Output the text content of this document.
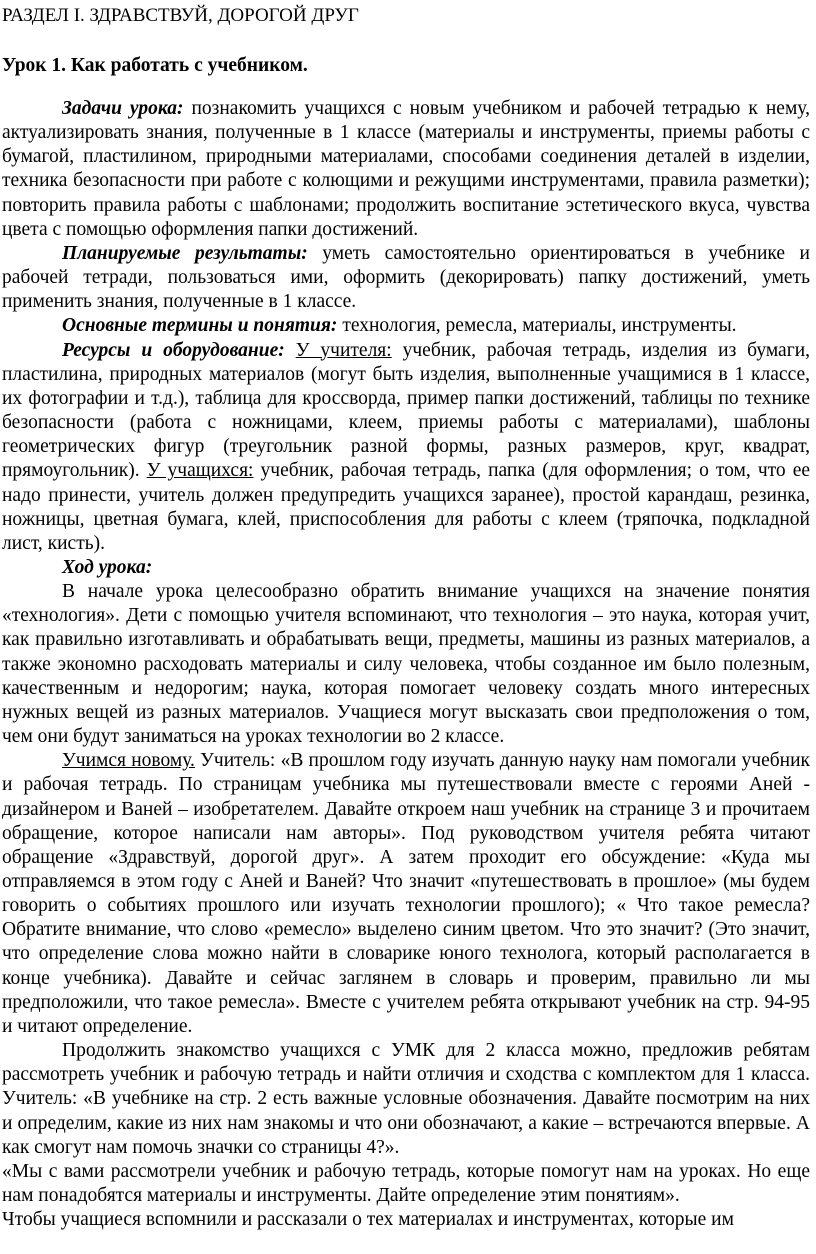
РАЗДЕЛ I. ЗДРАВСТВУЙ, ДОРОГОЙ ДРУГ
Урок 1. Как работать с учебником.

Задачи урока: познакомить учащихся с новым учебником и рабочей тетрадью к нему, актуализировать знания, полученные в 1 классе (материалы и инструменты, приемы работы с бумагой, пластилином, природными материалами, способами соединения деталей в изделии, техника безопасности при работе с колющими и режущими инструментами, правила разметки); повторить правила работы с шаблонами; продолжить воспитание эстетического вкуса, чувства цвета с помощью оформления папки достижений.

Планируемые результаты: уметь самостоятельно ориентироваться в учебнике и рабочей тетради, пользоваться ими, оформить (декорировать) папку достижений, уметь применить знания, полученные в 1 классе.

Основные термины и понятия: технология, ремесла, материалы, инструменты.

Ресурсы и оборудование: У учителя: учебник, рабочая тетрадь, изделия из бумаги, пластилина, природных материалов (могут быть изделия, выполненные учащимися в 1 классе, их фотографии и т.д.), таблица для кроссворда, пример папки достижений, таблицы по технике безопасности (работа с ножницами, клеем, приемы работы с материалами), шаблоны геометрических фигур (треугольник разной формы, разных размеров, круг, квадрат, прямоугольник). У учащихся: учебник, рабочая тетрадь, папка (для оформления; о том, что ее надо принести, учитель должен предупредить учащихся заранее), простой карандаш, резинка, ножницы, цветная бумага, клей, приспособления для работы с клеем (тряпочка, подкладной лист, кисть).

Ход урока:

В начале урока целесообразно обратить внимание учащихся на значение понятия «технология». Дети с помощью учителя вспоминают, что технология – это наука, которая учит, как правильно изготавливать и обрабатывать вещи, предметы, машины из разных материалов, а также экономно расходовать материалы и силу человека, чтобы созданное им было полезным, качественным и недорогим; наука, которая помогает человеку создать много интересных нужных вещей из разных материалов. Учащиеся могут высказать свои предположения о том, чем они будут заниматься на уроках технологии во 2 классе.

Учимся новому. Учитель: «В прошлом году изучать данную науку нам помогали учебник и рабочая тетрадь. По страницам учебника мы путешествовали вместе с героями Аней - дизайнером и Ваней – изобретателем. Давайте откроем наш учебник на странице 3 и прочитаем обращение, которое написали нам авторы». Под руководством учителя ребята читают обращение «Здравствуй, дорогой друг». А затем проходит его обсуждение: «Куда мы отправляемся в этом году с Аней и Ваней? Что значит «путешествовать в прошлое» (мы будем говорить о событиях прошлого или изучать технологии прошлого); « Что такое ремесла? Обратите внимание, что слово «ремесло» выделено синим цветом. Что это значит? (Это значит, что определение слова можно найти в словарике юного технолога, который располагается в конце учебника). Давайте и сейчас заглянем в словарь и проверим, правильно ли мы предположили, что такое ремесла». Вместе с учителем ребята открывают учебник на стр. 94-95 и читают определение.

Продолжить знакомство учащихся с УМК для 2 класса можно, предложив ребятам рассмотреть учебник и рабочую тетрадь и найти отличия и сходства с комплектом для 1 класса. Учитель: «В учебнике на стр. 2 есть важные условные обозначения. Давайте посмотрим на них и определим, какие из них нам знакомы и что они обозначают, а какие – встречаются впервые. А как смогут нам помочь значки со страницы 4?».

«Мы с вами рассмотрели учебник и рабочую тетрадь, которые помогут нам на уроках. Но еще нам понадобятся материалы и инструменты. Дайте определение этим понятиям».

Чтобы учащиеся вспомнили и рассказали о тех материалах и инструментах, которые им
